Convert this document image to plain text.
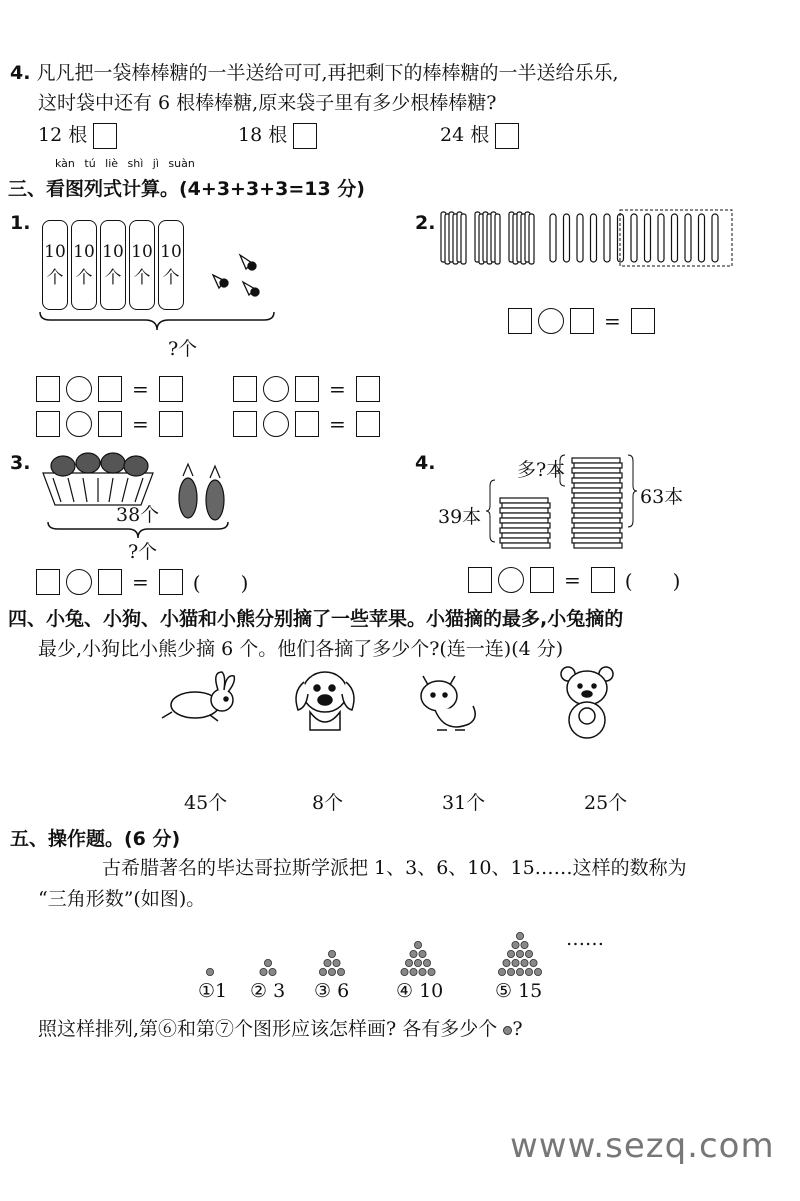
4. 凡凡把一袋棒棒糖的一半送给可可,再把剩下的棒棒糖的一半送给乐乐,
这时袋中还有 6 根棒棒糖,原来袋子里有多少根棒棒糖?
12 根	18 根	24 根
kàn tú liè shì jì suàn
三、看图列式计算。(4+3+3+3=13 分)
1.
10
个
10
个
10
个
10
个
10
个
?个
2.
=
=	=
=	=
3.
38个
?个
= (　　)
4.	多?本
63本
39本
= (　　)
四、小兔、小狗、小猫和小熊分别摘了一些苹果。小猫摘的最多,小兔摘的
最少,小狗比小熊少摘 6 个。他们各摘了多少个?(连一连)(4 分)
45个	8个	31个	25个
五、操作题。(6 分)
古希腊著名的毕达哥拉斯学派把 1、3、6、10、15……这样的数称为
“三角形数”(如图)。
……
①1 ② 3 ③ 6 ④ 10	⑤ 15
照这样排列,第⑥和第⑦个图形应该怎样画? 各有多少个 ?
www.sezq.com
